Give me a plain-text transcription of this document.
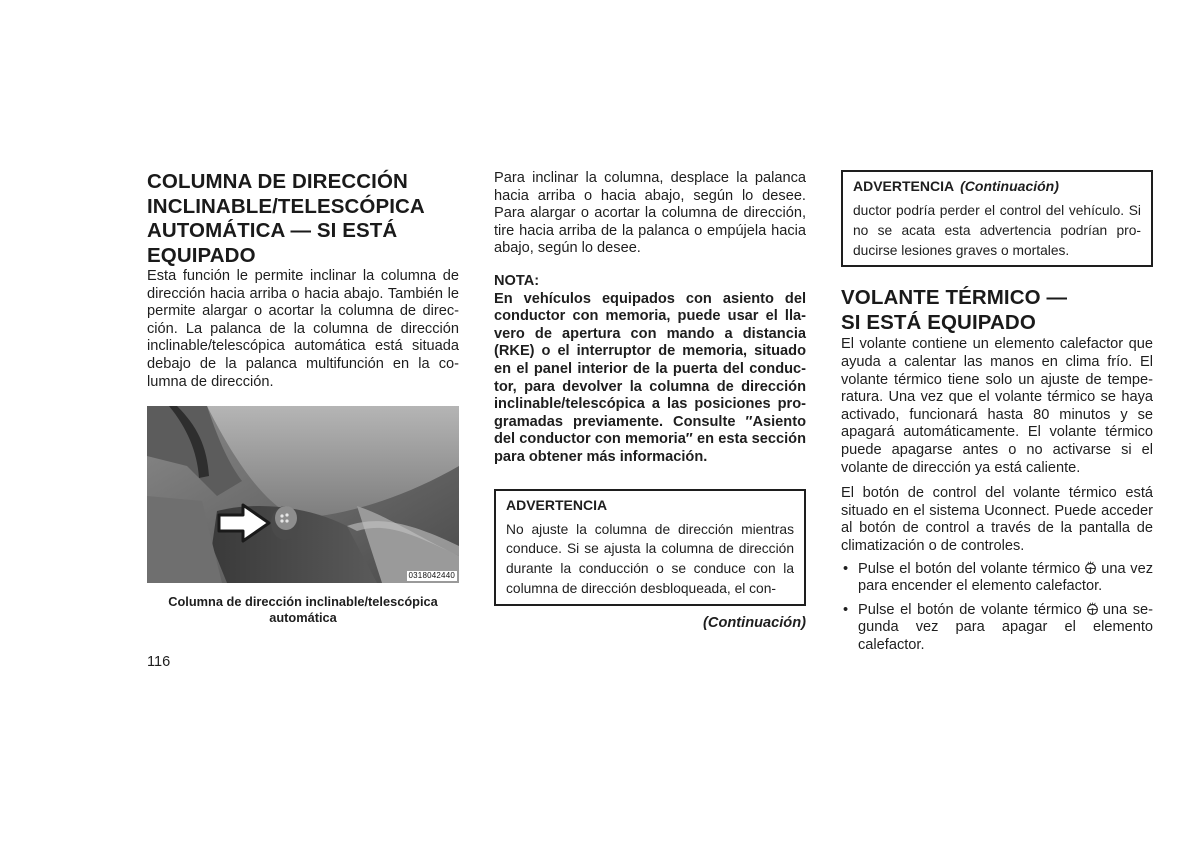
COLUMNA DE DIRECCIÓN
INCLINABLE/TELESCÓPICA
AUTOMÁTICA — SI ESTÁ
EQUIPADO

Esta función le permite inclinar la columna de dirección hacia arriba o hacia abajo. También le permite alargar o acortar la columna de direc-ción. La palanca de la columna de dirección inclinable/telescópica automática está situada debajo de la palanca multifunción en la co-lumna de dirección.

0318042440
Columna de dirección inclinable/telescópica automática

Para inclinar la columna, desplace la palanca hacia arriba o hacia abajo, según lo desee. Para alargar o acortar la columna de dirección, tire hacia arriba de la palanca o empújela hacia abajo, según lo desee.

NOTA:

En vehículos equipados con asiento del conductor con memoria, puede usar el lla-vero de apertura con mando a distancia (RKE) o el interruptor de memoria, situado en el panel interior de la puerta del conduc-tor, para devolver la columna de dirección inclinable/telescópica a las posiciones pro-gramadas previamente. Consulte ″Asiento del conductor con memoria″ en esta sección para obtener más información.

ADVERTENCIA
No ajuste la columna de dirección mientras conduce. Si se ajusta la columna de dirección durante la conducción o se conduce con la columna de dirección desbloqueada, el con-
(Continuación)
ADVERTENCIA (Continuación)
ductor podría perder el control del vehículo. Si no se acata esta advertencia podrían pro-ducirse lesiones graves o mortales.
VOLANTE TÉRMICO —
SI ESTÁ EQUIPADO

El volante contiene un elemento calefactor que ayuda a calentar las manos en clima frío. El volante térmico tiene solo un ajuste de tempe-ratura. Una vez que el volante térmico se haya activado, funcionará hasta 80 minutos y se apagará automáticamente. El volante térmico puede apagarse antes o no activarse si el volante de dirección ya está caliente.

El botón de control del volante térmico está situado en el sistema Uconnect. Puede acceder al botón de control a través de la pantalla de climatización o de controles.

• Pulse el botón del volante térmico una vez para encender el elemento calefactor.
• Pulse el botón de volante térmico una se-gunda vez para apagar el elemento calefactor.
116
